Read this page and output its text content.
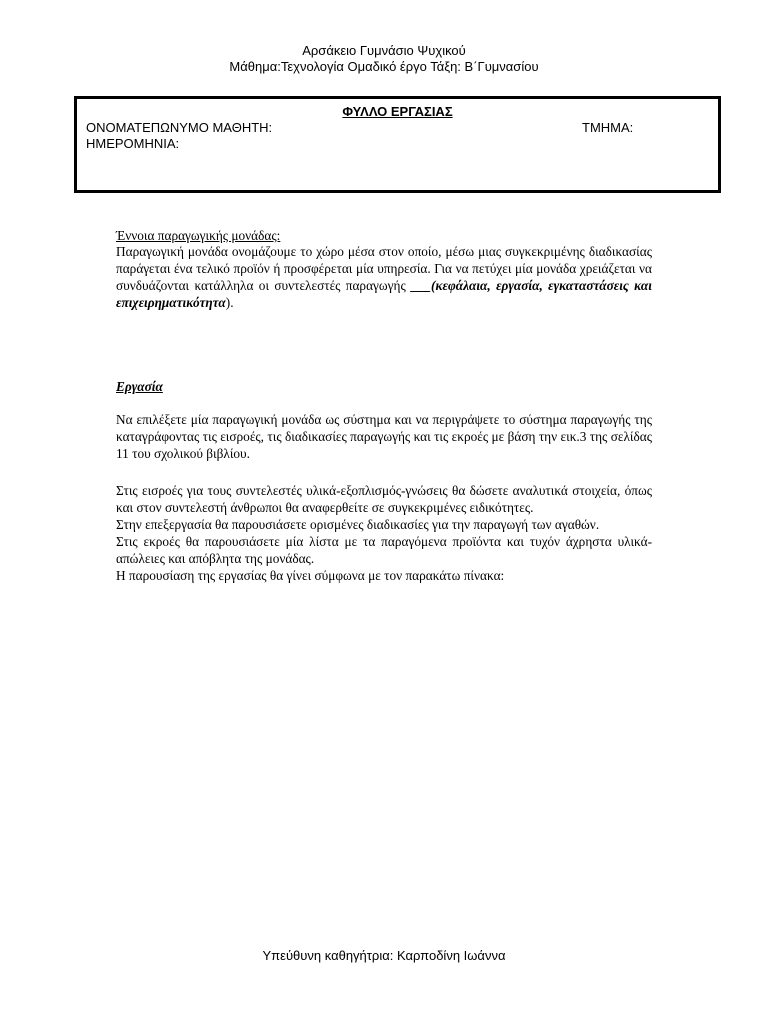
Αρσάκειο Γυμνάσιο Ψυχικού
Μάθημα:Τεχνολογία Ομαδικό έργο Τάξη: Β΄Γυμνασίου
ΦΥΛΛΟ ΕΡΓΑΣΙΑΣ
ΟΝΟΜΑΤΕΠΩΝΥΜΟ ΜΑΘΗΤΗ:	ΤΜΗΜΑ:
ΗΜΕΡΟΜΗΝΙΑ:
Έννοια παραγωγικής μονάδας:
Παραγωγική μονάδα ονομάζουμε το χώρο μέσα στον οποίο, μέσω μιας συγκεκριμένης διαδικασίας παράγεται ένα τελικό προϊόν ή προσφέρεται μία υπηρεσία. Για να πετύχει μία μονάδα χρειάζεται να συνδυάζονται κατάλληλα οι συντελεστές παραγωγής ___(κεφάλαια, εργασία, εγκαταστάσεις και επιχειρηματικότητα).
Εργασία
Να επιλέξετε μία παραγωγική μονάδα ως σύστημα και να περιγράψετε το σύστημα παραγωγής της καταγράφοντας τις εισροές, τις διαδικασίες παραγωγής και τις εκροές με βάση την εικ.3 της σελίδας 11 του σχολικού βιβλίου.
Στις εισροές για τους συντελεστές υλικά-εξοπλισμός-γνώσεις θα δώσετε αναλυτικά στοιχεία, όπως και στον συντελεστή άνθρωποι θα αναφερθείτε σε συγκεκριμένες ειδικότητες.
Στην επεξεργασία θα παρουσιάσετε ορισμένες διαδικασίες για την παραγωγή των αγαθών.
Στις εκροές θα παρουσιάσετε μία λίστα με τα παραγόμενα προϊόντα και τυχόν άχρηστα υλικά-απώλειες και απόβλητα της μονάδας.
Η παρουσίαση της εργασίας θα γίνει σύμφωνα με τον παρακάτω πίνακα:
Υπεύθυνη καθηγήτρια: Καρποδίνη Ιωάννα
